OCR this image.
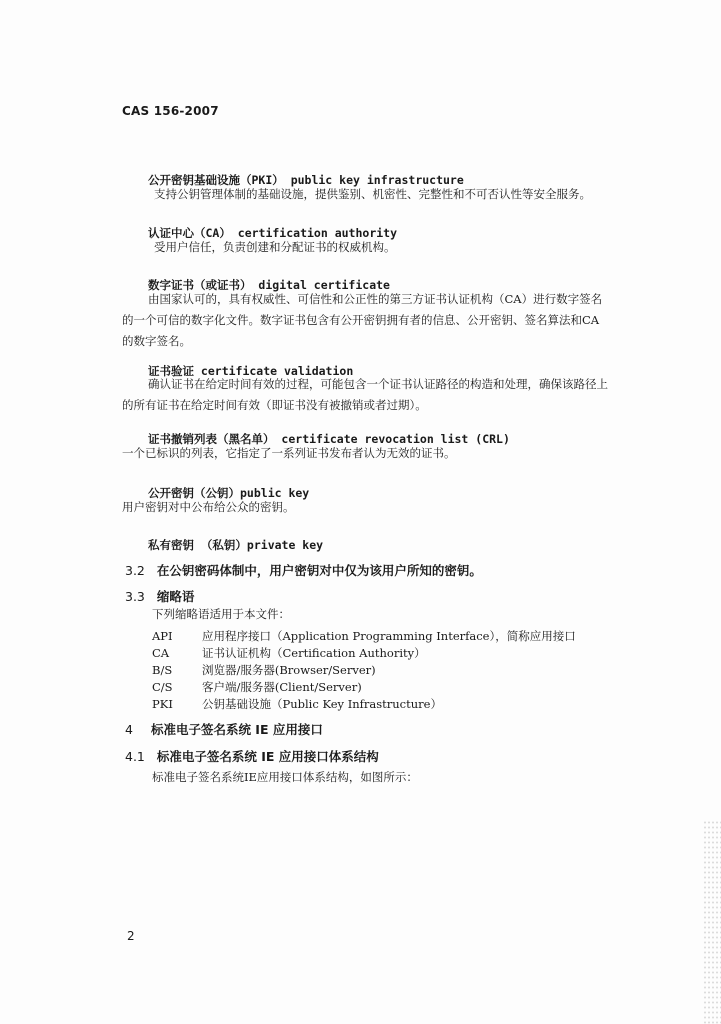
CAS 156-2007
公开密钥基础设施（PKI） public key infrastructure
支持公钥管理体制的基础设施，提供鉴别、机密性、完整性和不可否认性等安全服务。
认证中心（CA） certification authority
受用户信任，负责创建和分配证书的权威机构。
数字证书（或证书） digital certificate
由国家认可的，具有权威性、可信性和公正性的第三方证书认证机构（CA）进行数字签名的一个可信的数字化文件。数字证书包含有公开密钥拥有者的信息、公开密钥、签名算法和CA的数字签名。
证书验证 certificate validation
确认证书在给定时间有效的过程，可能包含一个证书认证路径的构造和处理，确保该路径上的所有证书在给定时间有效（即证书没有被撤销或者过期）。
证书撤销列表（黑名单） certificate revocation list (CRL)
一个已标识的列表，它指定了一系列证书发布者认为无效的证书。
公开密钥（公钥）public key
用户密钥对中公布给公众的密钥。
私有密钥 （私钥）private key
3.2 在公钥密码体制中，用户密钥对中仅为该用户所知的密钥。
3.3 缩略语
下列缩略语适用于本文件：
API	应用程序接口（Application Programming Interface），简称应用接口
CA	证书认证机构（Certification Authority）
B/S	浏览器/服务器(Browser/Server)
C/S	客户端/服务器(Client/Server)
PKI	公钥基础设施（Public Key Infrastructure）
4 标准电子签名系统 IE 应用接口
4.1 标准电子签名系统 IE 应用接口体系结构
标准电子签名系统IE应用接口体系结构，如图所示：
2
